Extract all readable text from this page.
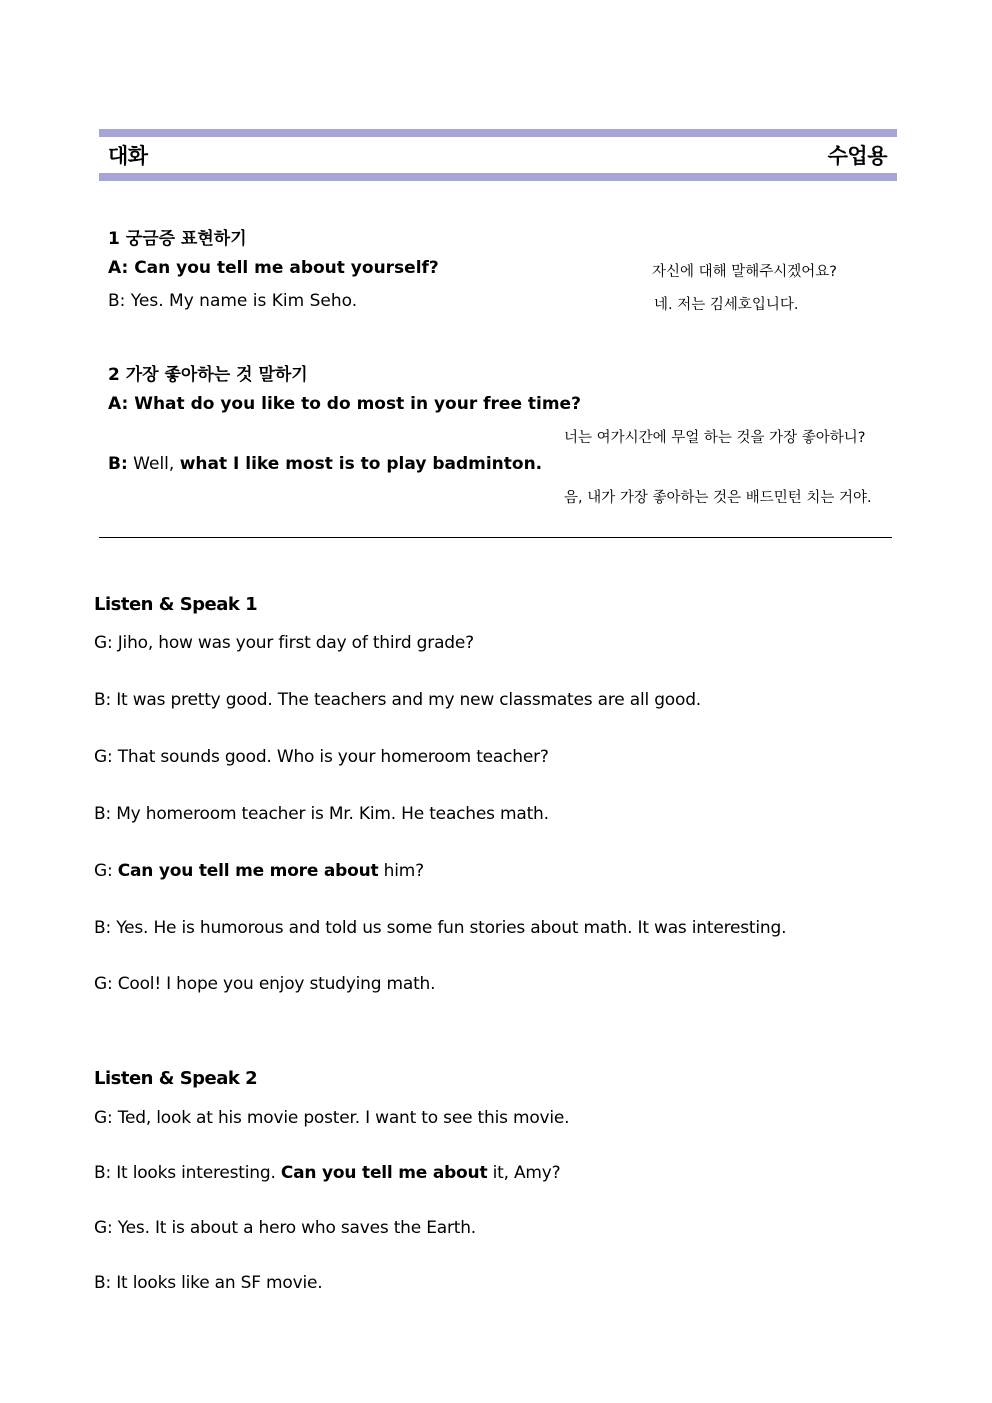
대화	수업용
1 궁금증 표현하기
A: Can you tell me about yourself?	자신에 대해 말해주시겠어요?
B: Yes. My name is Kim Seho.	네. 저는 김세호입니다.
2 가장 좋아하는 것 말하기
A: What do you like to do most in your free time?
너는 여가시간에 무얼 하는 것을 가장 좋아하니?
B: Well, what I like most is to play badminton.
음, 내가 가장 좋아하는 것은 배드민턴 치는 거야.
Listen & Speak 1
G: Jiho, how was your first day of third grade?
B: It was pretty good. The teachers and my new classmates are all good.
G: That sounds good. Who is your homeroom teacher?
B: My homeroom teacher is Mr. Kim. He teaches math.
G: Can you tell me more about him?
B: Yes. He is humorous and told us some fun stories about math. It was interesting.
G: Cool! I hope you enjoy studying math.
Listen & Speak 2
G: Ted, look at his movie poster. I want to see this movie.
B: It looks interesting. Can you tell me about it, Amy?
G: Yes. It is about a hero who saves the Earth.
B: It looks like an SF movie.
